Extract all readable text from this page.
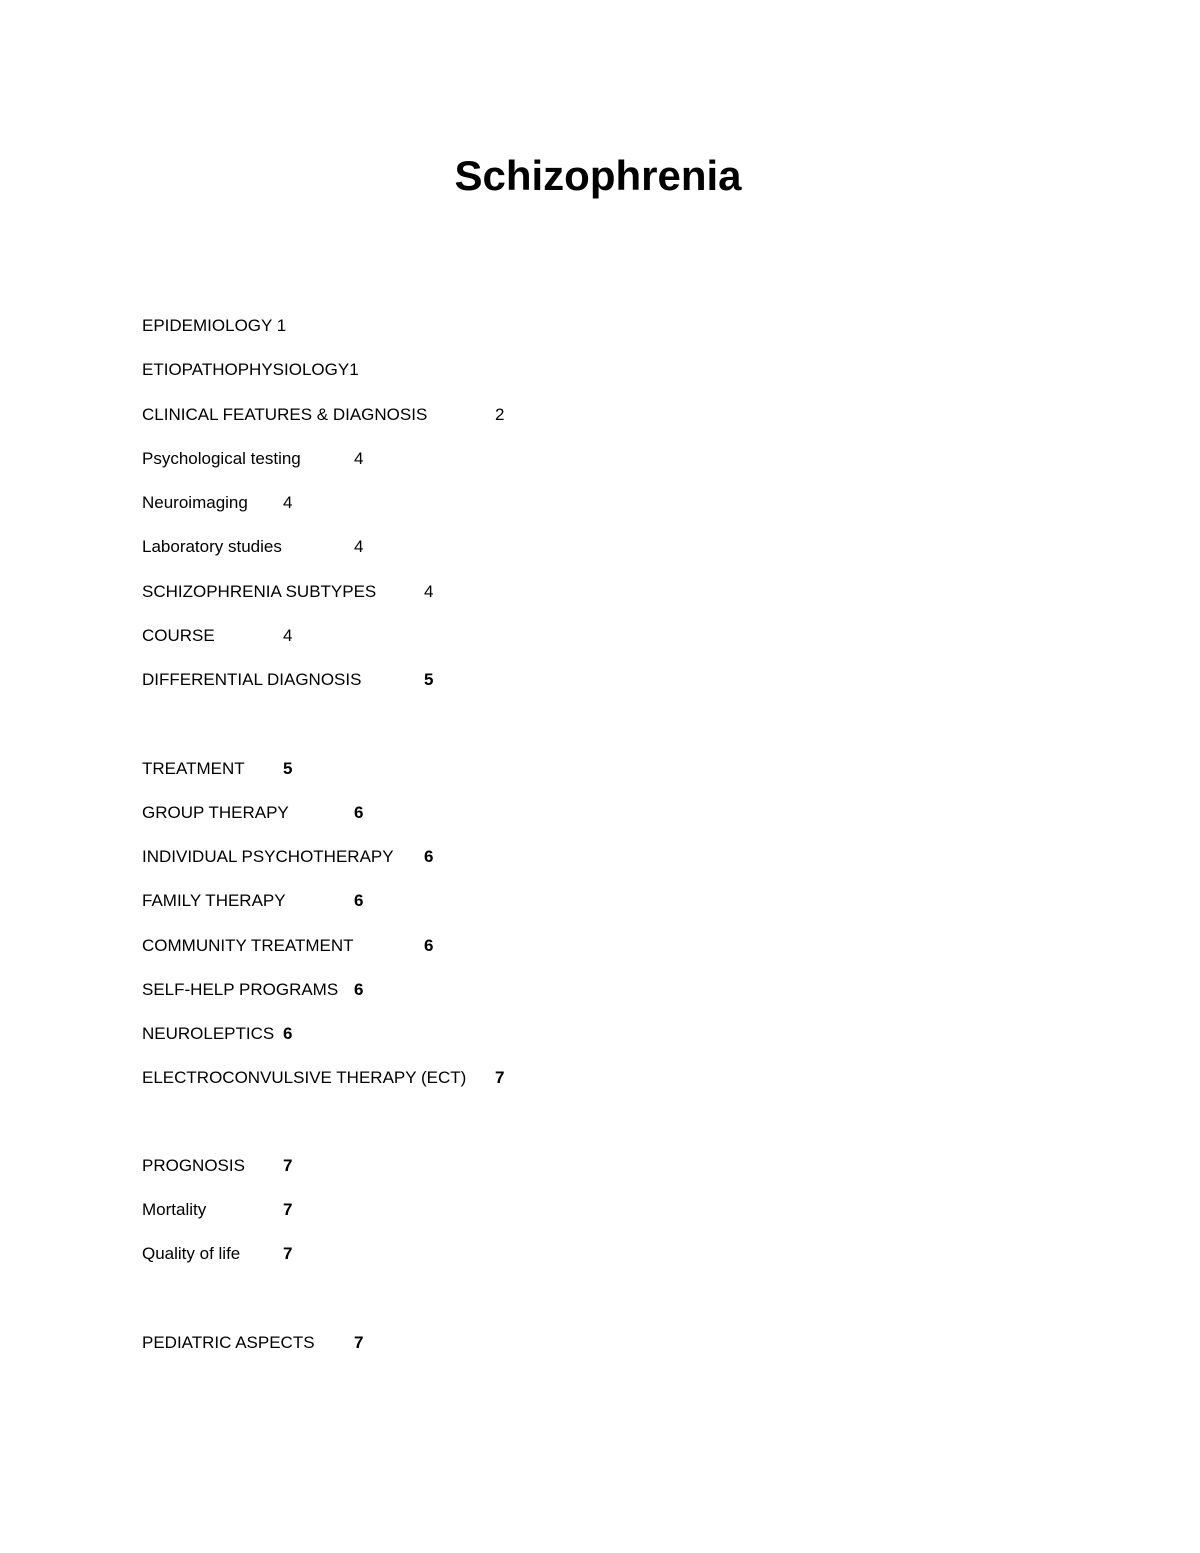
Schizophrenia
EPIDEMIOLOGY 1
ETIOPATHOPHYSIOLOGY1
CLINICAL FEATURES & DIAGNOSIS	2
Psychological testing	4
Neuroimaging 4
Laboratory studies	4
SCHIZOPHRENIA SUBTYPES	4
COURSE	4
DIFFERENTIAL DIAGNOSIS	5
TREATMENT 5
GROUP THERAPY	6
INDIVIDUAL PSYCHOTHERAPY 6
FAMILY THERAPY	6
COMMUNITY TREATMENT	6
SELF-HELP PROGRAMS 6
NEUROLEPTICS 6
ELECTROCONVULSIVE THERAPY (ECT) 7
PROGNOSIS 7
Mortality	7
Quality of life	7
PEDIATRIC ASPECTS 7
